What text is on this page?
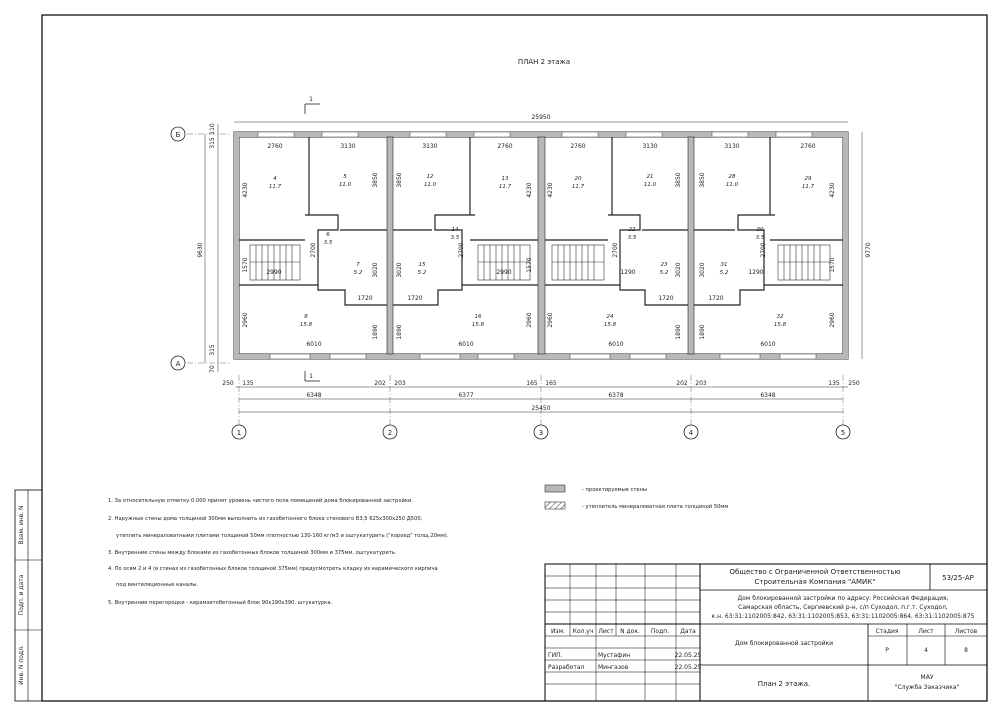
ПЛАН 2 этажа
Б
А
1	2	3	4	5
1
1
25950
25450
9630	9770
110
315
315
70
2760	3130	3130	2760	2760	3130	3130	2760
6010	6010	6010	6010
1720	1720	1720	1720
4230
3850	3850
4230 4230
3850	3850
4230
1570
2700
3020	3020
2700
1570
2960
1890	1890
2960 2960
1890	1890
2960
2700
3020	3020
2700
1570
1290	1290
2990	2990
250 135	202 203	165 165	202 203	135 250
6348	6377	6378	6348
4
11.7
5
11.0
12
11.0
13
11.7
20
11.7
21
11.0
28
11.0
29
11.7
6
3.5
7
5.2
14
3.5
15
5.2
22
3.5
23
5.2
30
3.5
31
5.2
8
15.8
16
15.8
24
15.8
32
15.8
- проектируемые стены
- утеплитель минераловатная плита толщиной 50мм
1. За относительную отметку 0.000 принят уровень чистого пола помещений дома блокированной застройки.
2. Наружные стены дома толщиной 300мм выполнить из газобетонного блока стенового В3,5 625х300х250 Д500,
утеплить минераловатными плитами толщиной 50мм плотностью 130-160 кг/м3 и оштукатурить ("короед" толщ.20мм).
3. Внутренние стены между блоками из газобетонных блоков толщиной 300мм и 375мм, оштукатурить.
4. По осям 2 и 4 (в стенах из газобетонных блоков толщиной 375мм) предусмотреть кладку из керамического кирпича
под вентиляционные каналы.
5. Внутренние перегородки - керамзитобетонный блок 90х190х390, штукатурка.
Взам. инв. N
Подп. и дата
Инв. N подл.
Изм. Кол.уч Лист N док. Подп. Дата
ГИП.	Мустафин	22.05.25
Разработал Мингазов	22.05.25
Общество с Ограниченной Ответственностью
Строительная Компания "АМИК"	53/25-АР
Дом блокированной застройки по адресу: Российская Федерация,
Самарская область, Сергиевский р-н, с/п Суходол, п.г.т. Суходол,
к.н. 63:31:1102005:842, 63:31:1102005:853, 63:31:1102005:864, 63:31:1102005:875
Дом блокированной застройки
Стадия	Лист	Листов
Р	4	8
План 2 этажа.
МАУ
"Служба Заказчика"
